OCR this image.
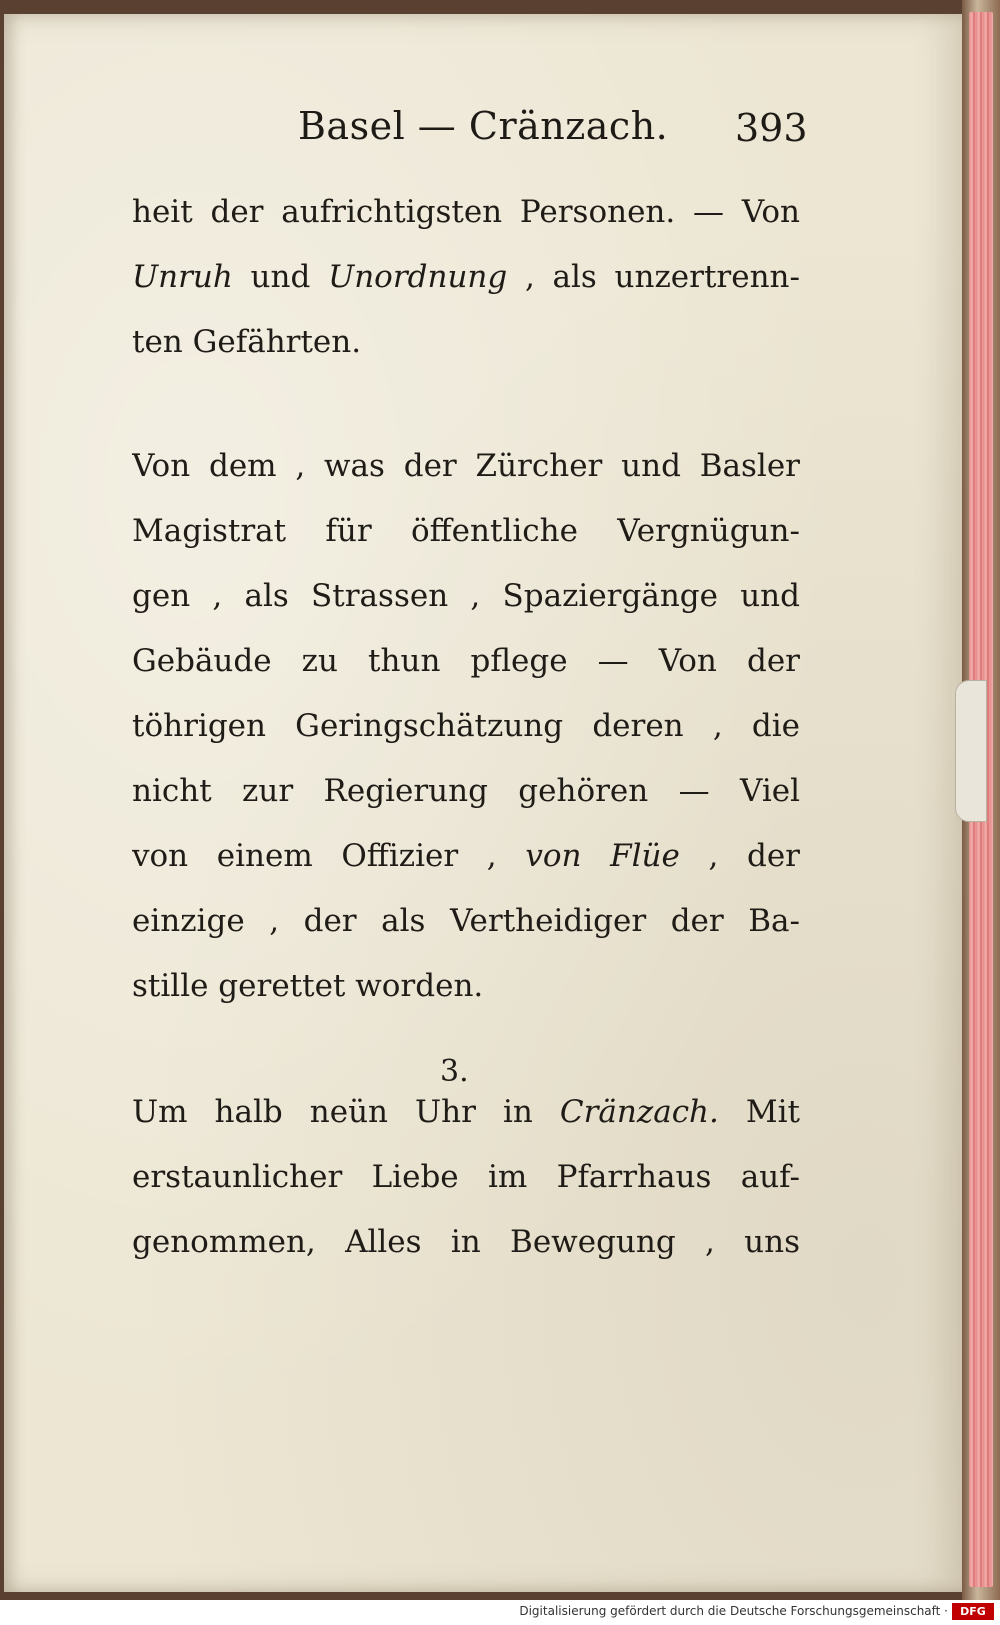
Basel — Cränzach. 393
heit der aufrichtigsten Personen. — Von
Unruh und Unordnung , als unzertrenn-
ten Gefährten.
Von dem , was der Zürcher und Basler
Magistrat für öffentliche Vergnügun-
gen , als Strassen , Spaziergänge und
Gebäude zu thun pflege — Von der
töhrigen Geringschätzung deren , die
nicht zur Regierung gehören — Viel
von einem Offizier , von Flüe , der
einzige , der als Vertheidiger der Ba-
stille gerettet worden.
3.
Um halb neün Uhr in Cränzach. Mit
erstaunlicher Liebe im Pfarrhaus auf-
genommen, Alles in Bewegung , uns
Digitalisierung gefördert durch die Deutsche Forschungsgemeinschaft ·	DFG
